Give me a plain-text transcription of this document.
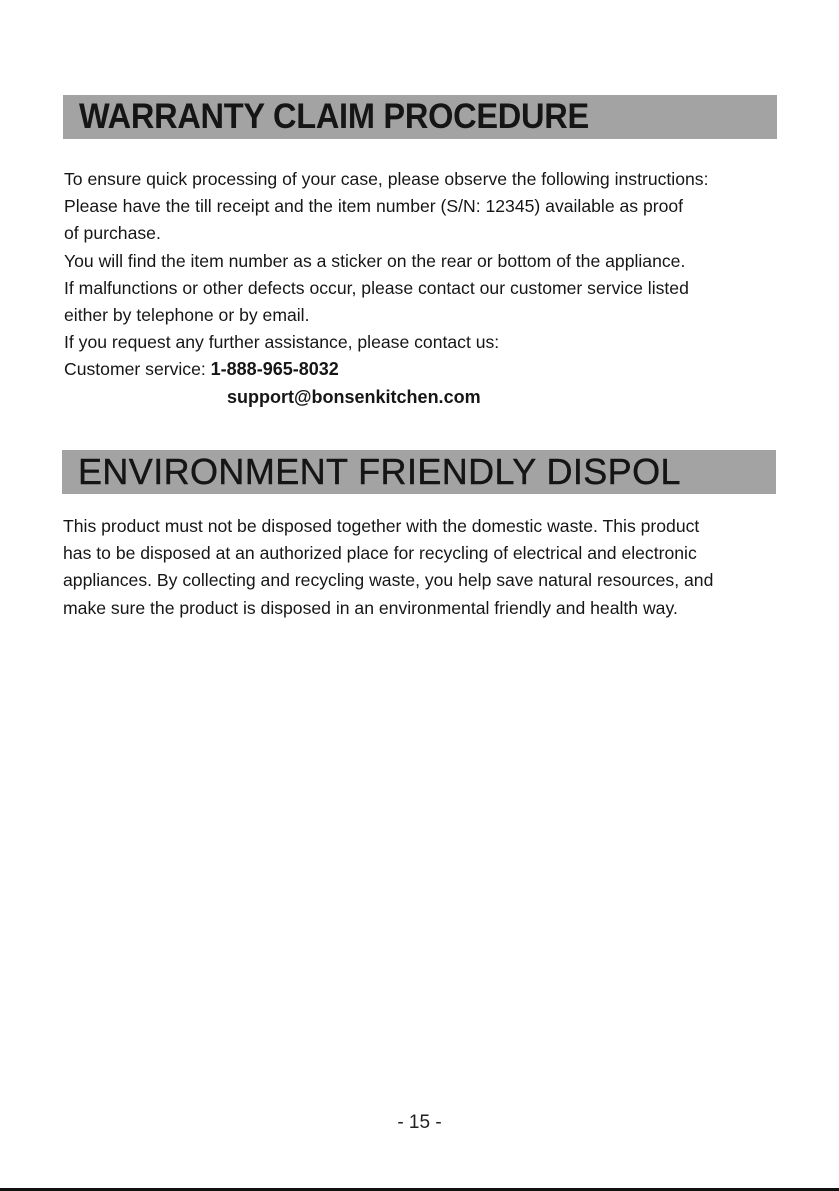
WARRANTY CLAIM PROCEDURE
To ensure quick processing of your case, please observe the following instructions:
Please have the till receipt and the item number (S/N: 12345) available as proof
of purchase.
You will find the item number as a sticker on the rear or bottom of the appliance.
If malfunctions or other defects occur, please contact our customer service listed
either by telephone or by email.
If you request any further assistance, please contact us:
Customer service: 1-888-965-8032
support@bonsenkitchen.com
ENVIRONMENT FRIENDLY DISPOL
This product must not be disposed together with the domestic waste. This product
has to be disposed at an authorized place for recycling of electrical and electronic
appliances. By collecting and recycling waste, you help save natural resources, and
make sure the product is disposed in an environmental friendly and health way.
- 15 -
